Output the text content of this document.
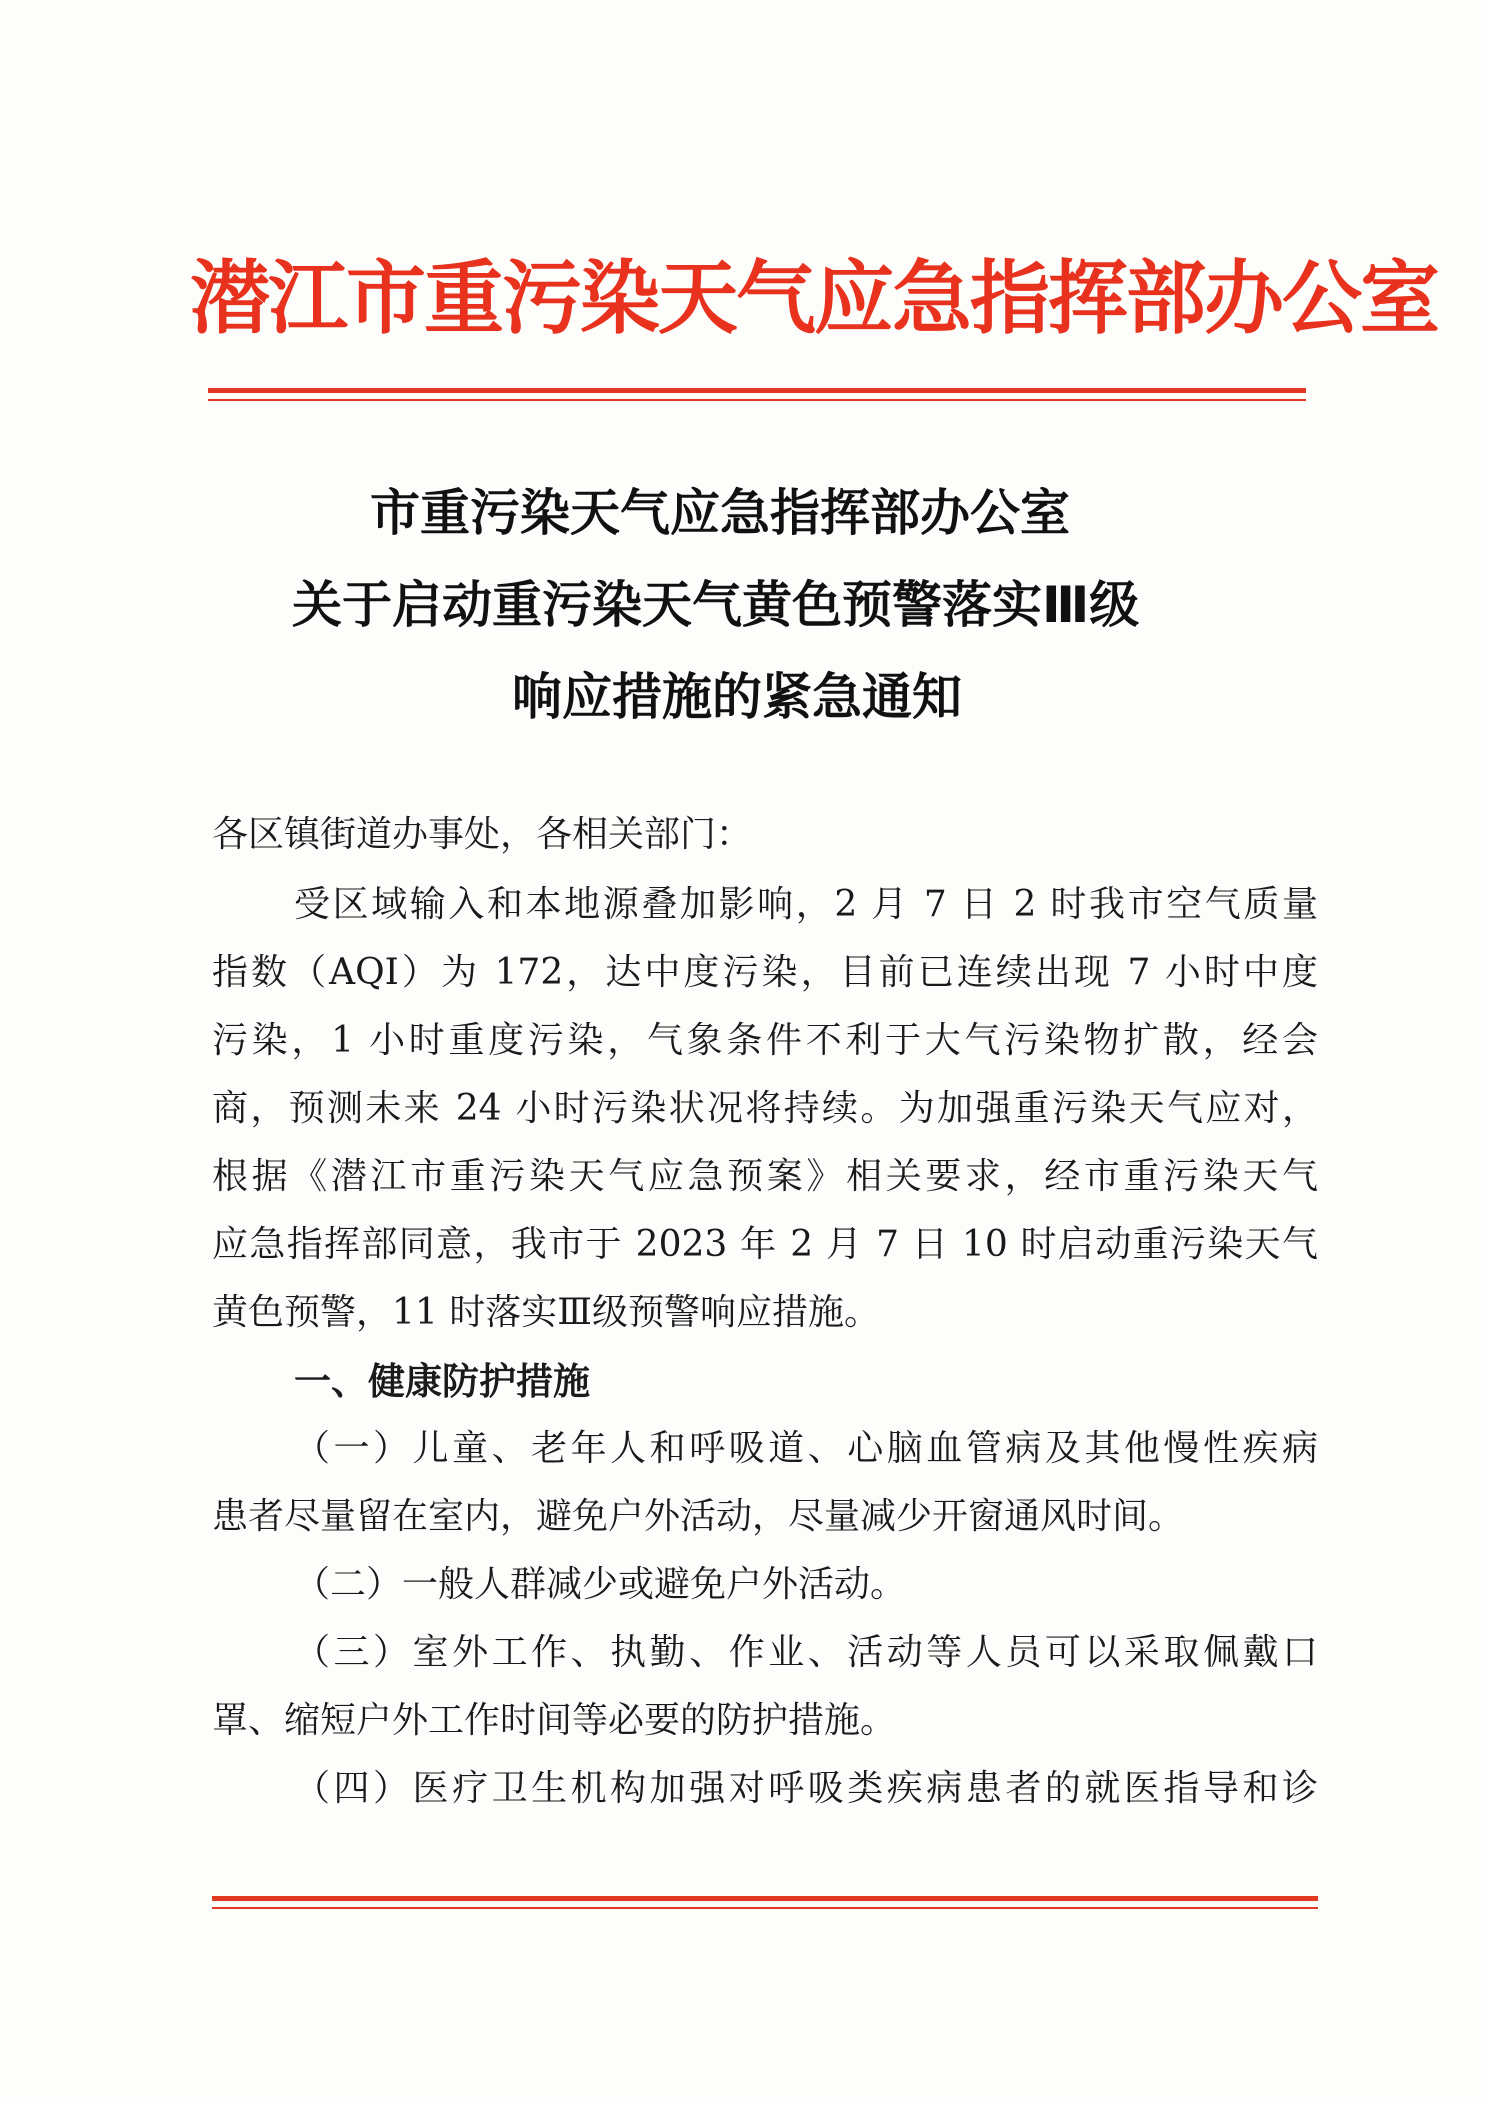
潜江市重污染天气应急指挥部办公室
市重污染天气应急指挥部办公室
关于启动重污染天气黄色预警落实Ⅲ级
响应措施的紧急通知
各区镇街道办事处，各相关部门：
受区域输入和本地源叠加影响，2 月 7 日 2 时我市空气质量
指数（AQI）为 172，达中度污染，目前已连续出现 7 小时中度
污染，1 小时重度污染，气象条件不利于大气污染物扩散，经会
商，预测未来 24 小时污染状况将持续。为加强重污染天气应对，
根据《潜江市重污染天气应急预案》相关要求，经市重污染天气
应急指挥部同意，我市于 2023 年 2 月 7 日 10 时启动重污染天气
黄色预警，11 时落实Ⅲ级预警响应措施。
一、健康防护措施
（一）儿童、老年人和呼吸道、心脑血管病及其他慢性疾病
患者尽量留在室内，避免户外活动，尽量减少开窗通风时间。
（二）一般人群减少或避免户外活动。
（三）室外工作、执勤、作业、活动等人员可以采取佩戴口
罩、缩短户外工作时间等必要的防护措施。
（四）医疗卫生机构加强对呼吸类疾病患者的就医指导和诊
